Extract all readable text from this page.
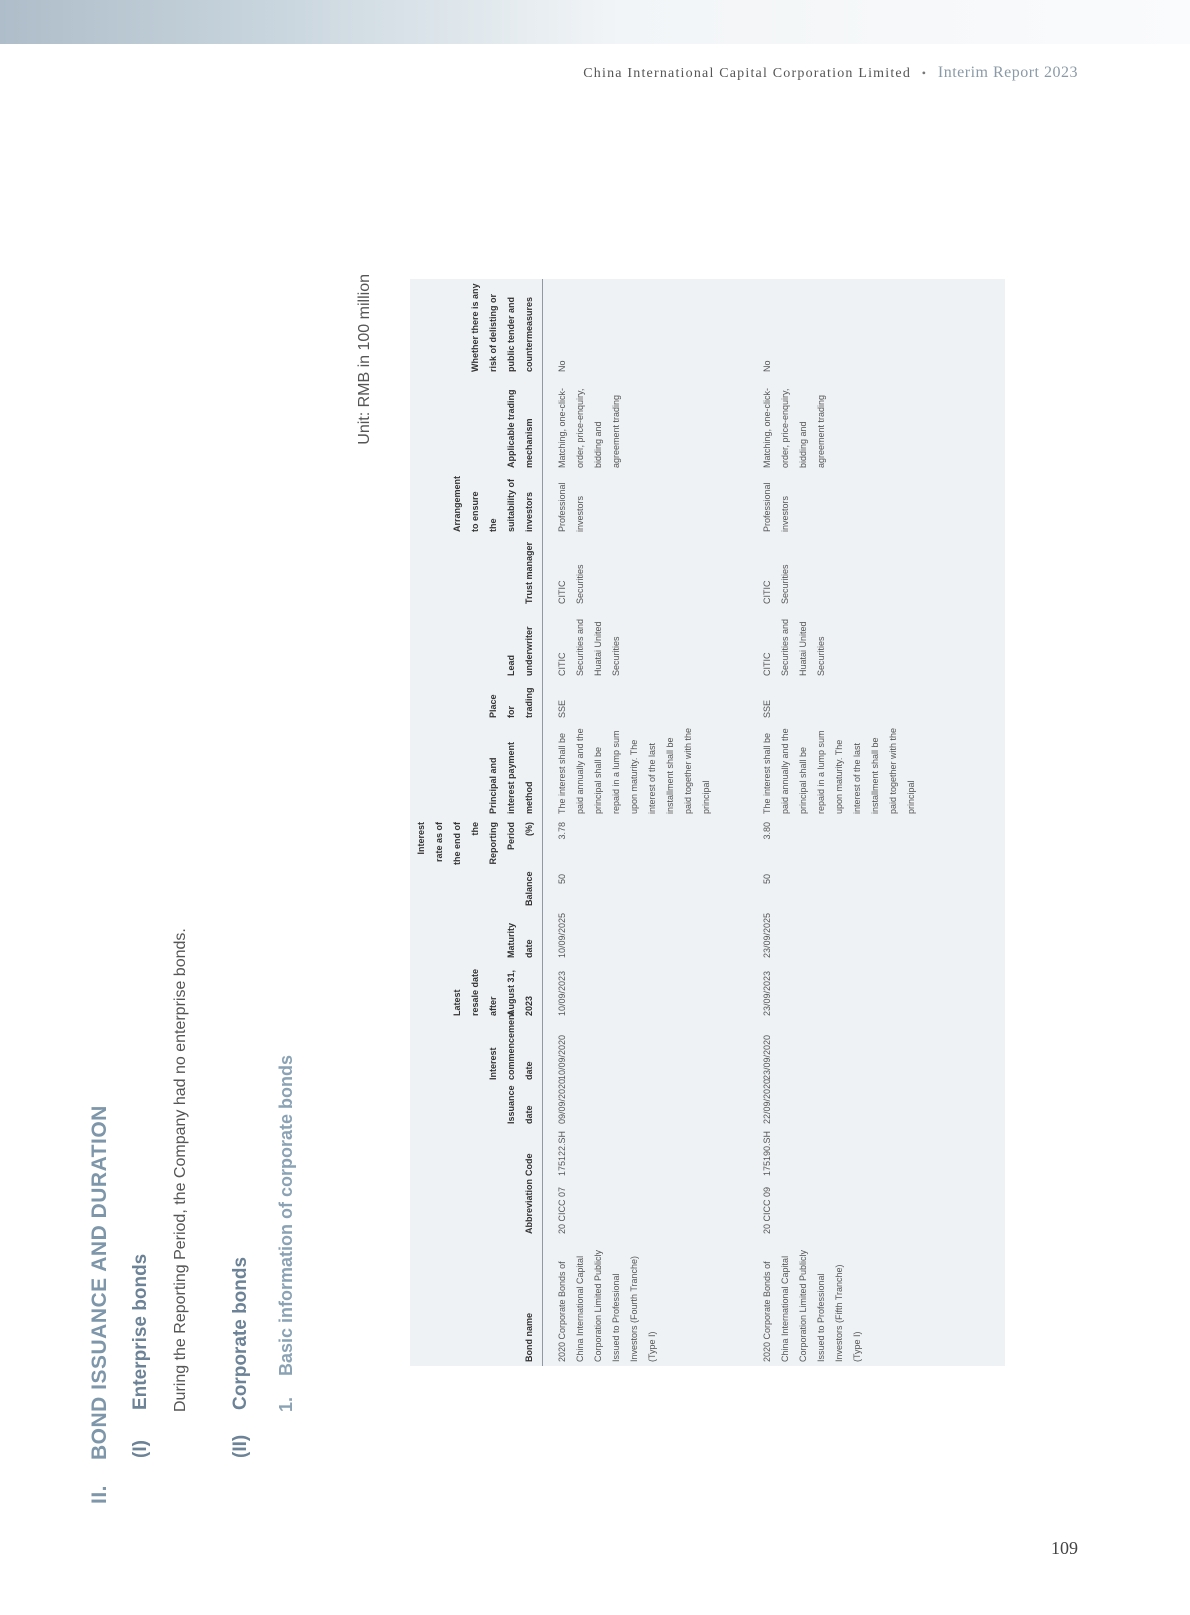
China International Capital Corporation Limited • Interim Report 2023
II.BOND ISSUANCE AND DURATION (I)Enterprise bonds During the Reporting Period, the Company had no enterprise bonds.
(II)Corporate bonds 1.Basic information of corporate bonds
Unit: RMB in 100 million
Bond name	Abbreviation	Code	Issuance date	Interest commencement date	Latest resale date after August 31, 2023	Maturity date	Balance	Interest rate as of the end of the Reporting Period (%)	Principal and interest payment method	Place for trading	Lead underwriter	Trust manager	Arrangement to ensure the suitability of investors	Applicable trading mechanism	Whether there is any risk of delisting or public tender and countermeasures
2020 Corporate Bonds of China International Capital Corporation Limited Publicly Issued to Professional Investors (Fourth Tranche) (Type I)	20 CICC 07	175122.SH	09/09/2020	10/09/2020	10/09/2023	10/09/2025	50	3.78	The interest shall be paid annually and the principal shall be repaid in a lump sum upon maturity. The interest of the last installment shall be paid together with the principal	SSE	CITIC Securities and Huatai United Securities	CITIC Securities	Professional investors	Matching, one-click-order, price-enquiry, bidding and agreement trading	No
2020 Corporate Bonds of China International Capital Corporation Limited Publicly Issued to Professional Investors (Fifth Tranche) (Type I)	20 CICC 09	175190.SH	22/09/2020	23/09/2020	23/09/2023	23/09/2025	50	3.80	The interest shall be paid annually and the principal shall be repaid in a lump sum upon maturity. The interest of the last installment shall be paid together with the principal	SSE	CITIC Securities and Huatai United Securities	CITIC Securities	Professional investors	Matching, one-click-order, price-enquiry, bidding and agreement trading	No
109
